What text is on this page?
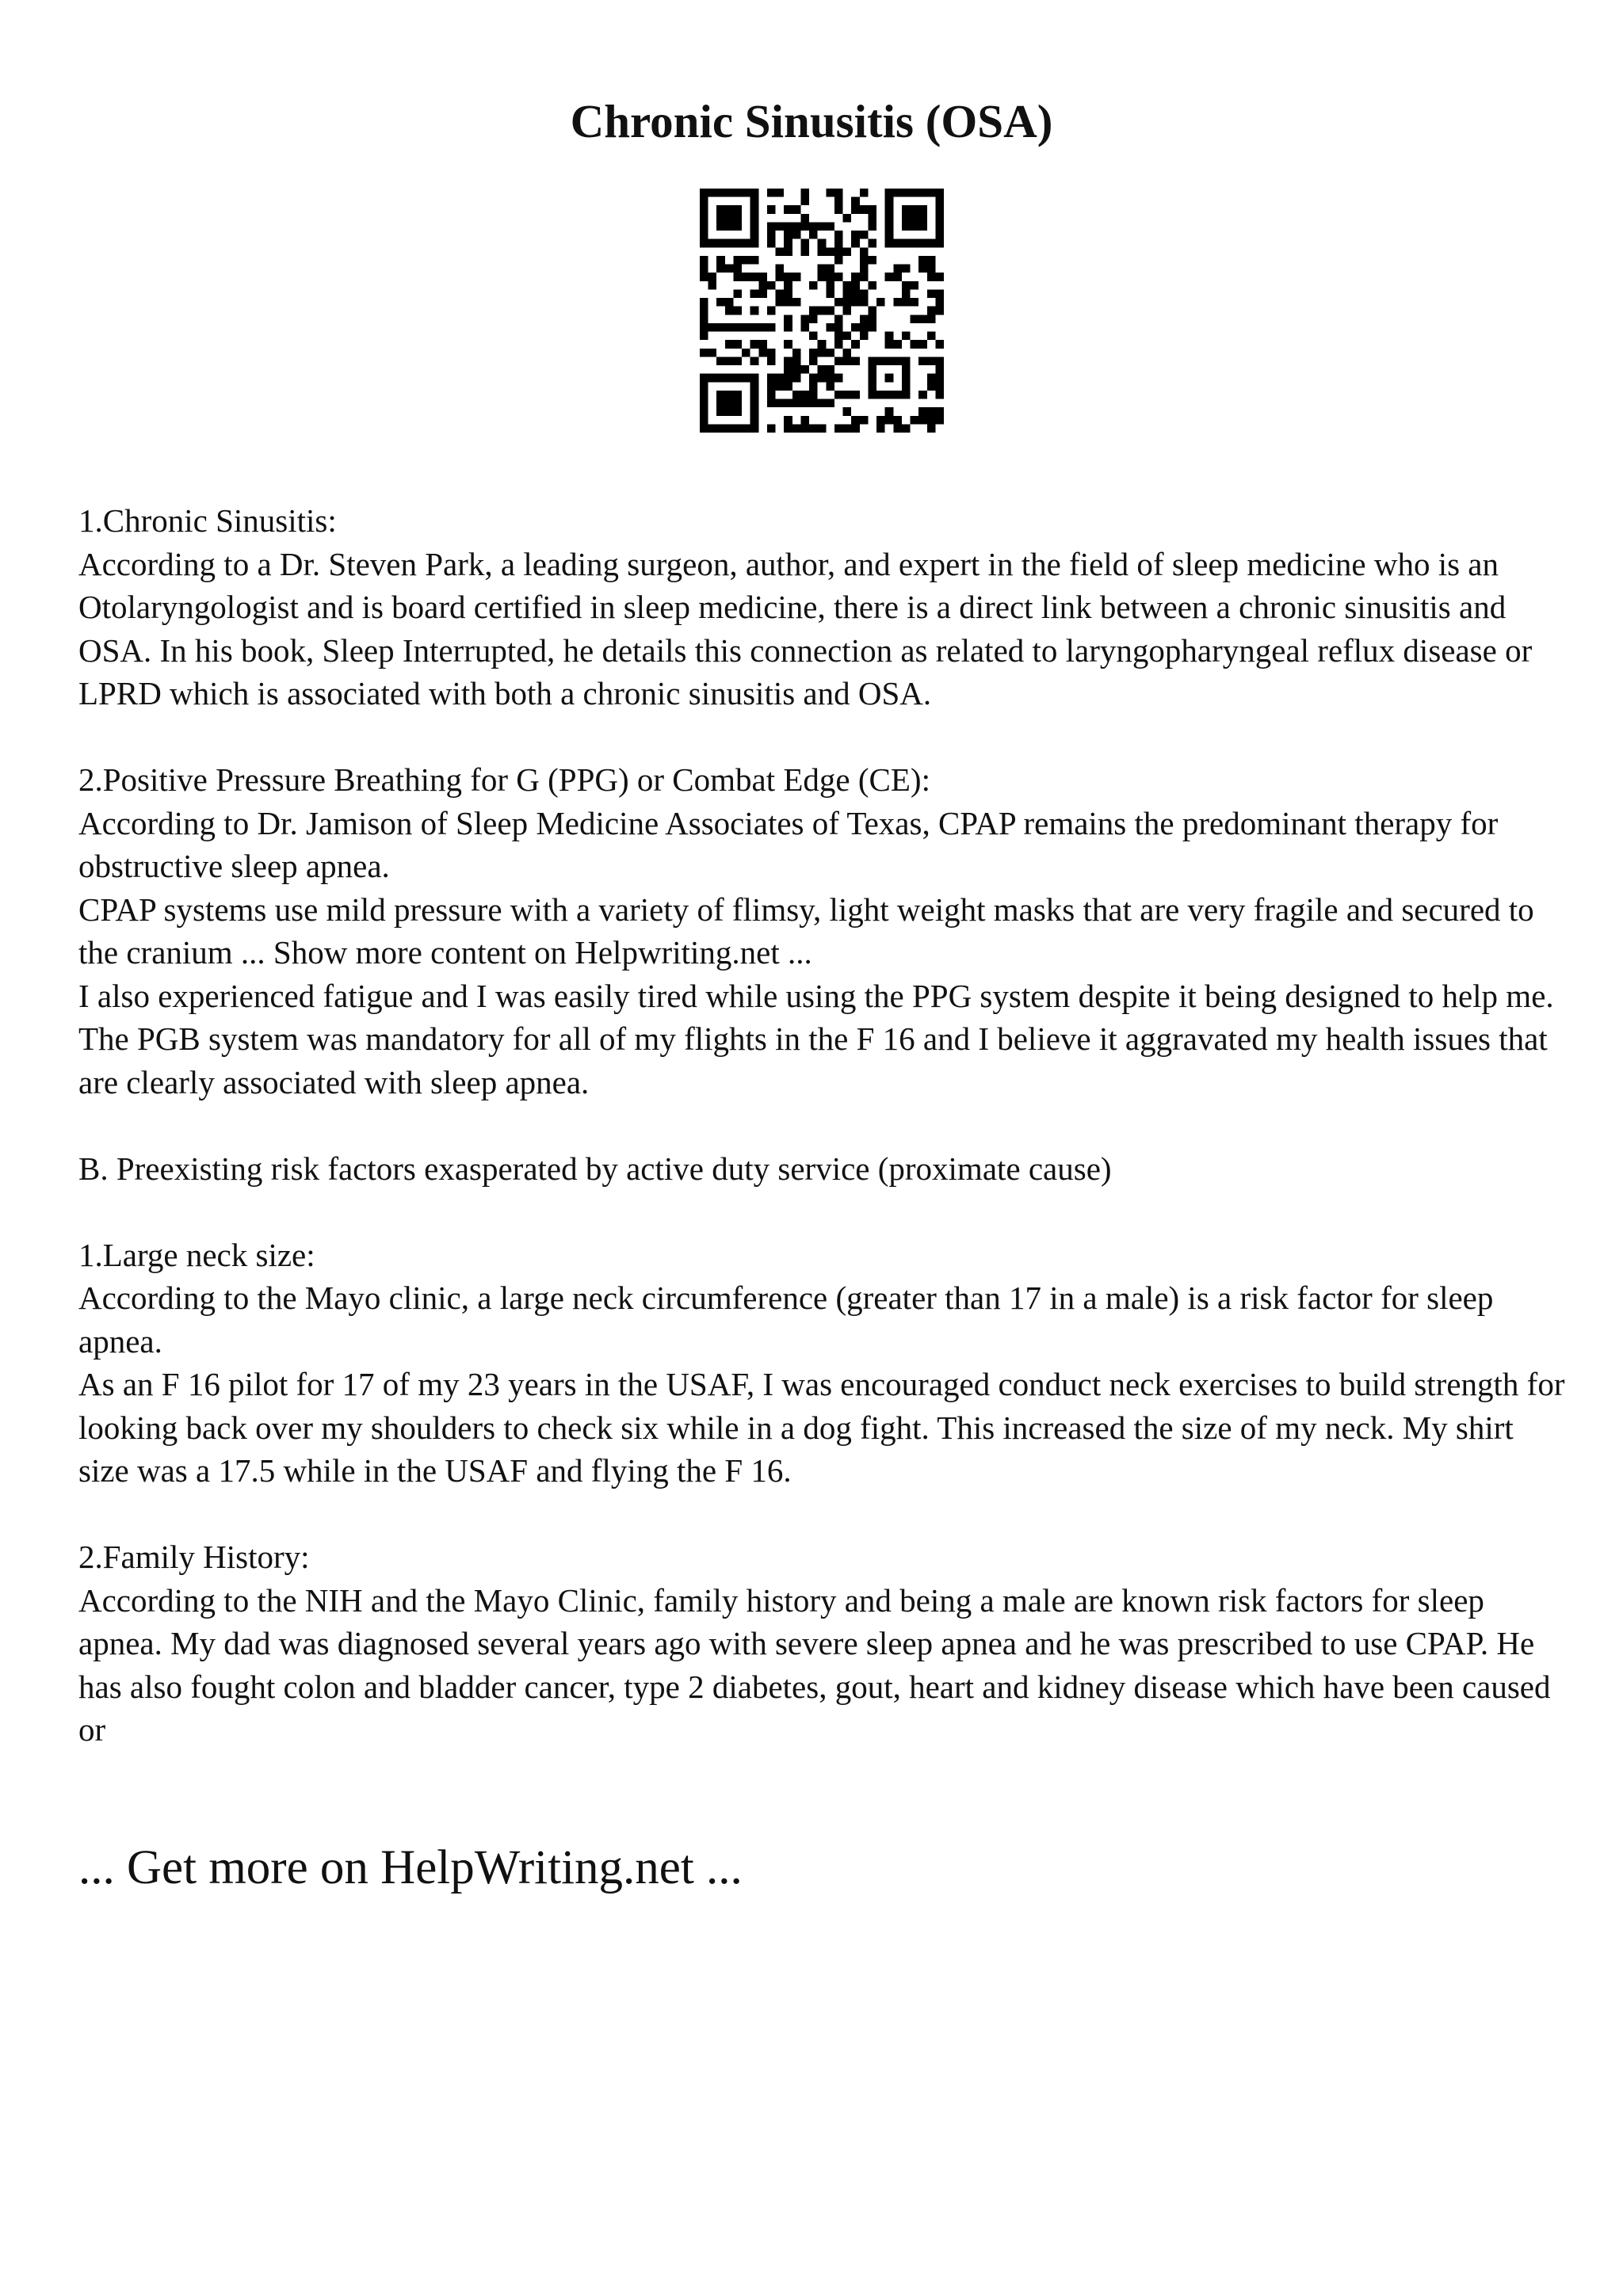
Chronic Sinusitis (OSA)

1.Chronic Sinusitis:

According to a Dr. Steven Park, a leading surgeon, author, and expert in the field of sleep medicine who is an Otolaryngologist and is board certified in sleep medicine, there is a direct link between a chronic sinusitis and OSA. In his book, Sleep Interrupted, he details this connection as related to laryngopharyngeal reflux disease or LPRD which is associated with both a chronic sinusitis and OSA.

2.Positive Pressure Breathing for G (PPG) or Combat Edge (CE):

According to Dr. Jamison of Sleep Medicine Associates of Texas, CPAP remains the predominant therapy for obstructive sleep apnea.

CPAP systems use mild pressure with a variety of flimsy, light weight masks that are very fragile and secured to the cranium ... Show more content on Helpwriting.net ...

I also experienced fatigue and I was easily tired while using the PPG system despite it being designed to help me. The PGB system was mandatory for all of my flights in the F 16 and I believe it aggravated my health issues that are clearly associated with sleep apnea.

B. Preexisting risk factors exasperated by active duty service (proximate cause)

1.Large neck size:

According to the Mayo clinic, a large neck circumference (greater than 17 in a male) is a risk factor for sleep apnea.

As an F 16 pilot for 17 of my 23 years in the USAF, I was encouraged conduct neck exercises to build strength for looking back over my shoulders to check six while in a dog fight. This increased the size of my neck. My shirt size was a 17.5 while in the USAF and flying the F 16.

2.Family History:

According to the NIH and the Mayo Clinic, family history and being a male are known risk factors for sleep apnea. My dad was diagnosed several years ago with severe sleep apnea and he was prescribed to use CPAP. He has also fought colon and bladder cancer, type 2 diabetes, gout, heart and kidney disease which have been caused or

... Get more on HelpWriting.net ...
